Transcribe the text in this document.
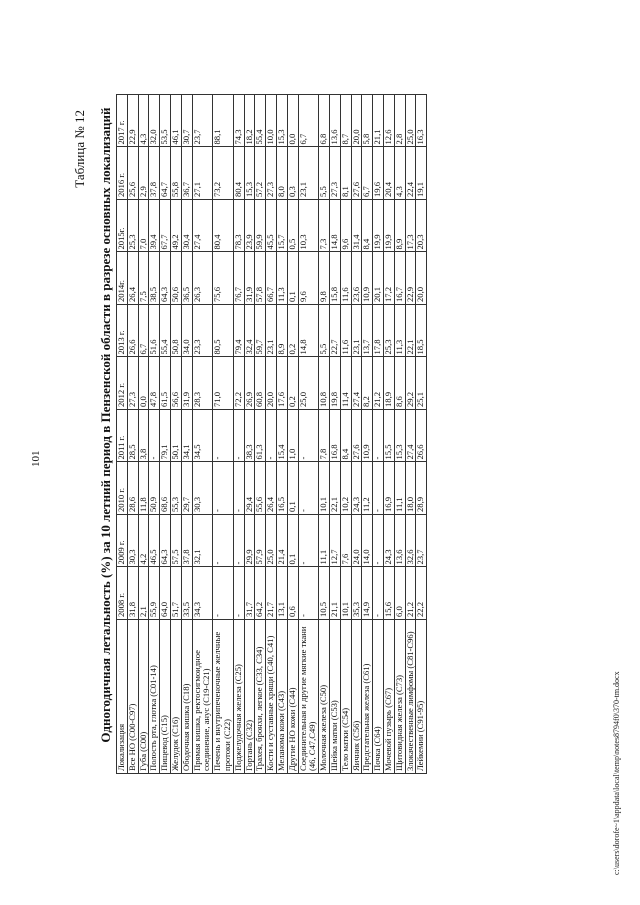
101
Таблица № 12 Одногодичная летальность (%) за 10 летний период в Пензенской области в разрезе основных локализаций
Локализация	2008 г.	2009 г.	2010 г.	2011 г.	2012 г.	2013 г.	2014г.	2015г.	2016 г.	2017 г.
Все НО (C00-C97)	31,8	30,3	28,6	28,5	27,3	26,6	26,4	25,3	25,6	22,9
Губа (C00)	2,1	4,2	11,8	3,8	0,0	6,7	7,5	7,0	2,9	4,3
Полость рта, глотка (C01-14)	55,9	46,5	50,9	-	47,8	51,6	38,5	39,4	37,8	32,0
Пищевод (C15)	64,0	64,3	68,6	79,1	61,5	55,4	64,3	67,7	64,7	53,5
Желудок (C16)	51,7	57,5	55,3	50,1	56,6	50,8	50,6	49,2	55,8	46,1
Ободочная кишка (C18)	33,5	37,8	29,7	34,1	31,9	34,0	36,5	30,4	36,7	30,7
Прямая кишка, ректосигмоидное соединение, анус (C19-C21)	34,3	32,1	30,3	34,5	28,3	23,3	26,3	27,4	27,1	23,7
Печень и внутрипеченочные желчные протоки (C22)	-	-	-	-	71,0	80,5	75,6	80,4	73,2	88,1
Поджелудочная железа (C25)	-	-	-	-	72,2	79,4	76,7	78,3	80,4	74,3
Гортань (C32)	31,7	29,9	29,4	38,3	26,9	32,4	31,9	23,9	15,3	18,2
Трахея, бронхи, легкое (C33, C34)	64,2	57,9	55,6	61,3	60,8	59,7	57,8	59,9	57,2	55,4
Кости и суставные хрящи (C40, C41)	21,7	25,0	26,4	-	20,0	23,1	66,7	45,5	27,3	10,0
Меланома кожи (C43)	13,1	21,4	16,5	15,4	17,6	8,9	11,3	15,7	8,0	15,3
Другие НО кожи (C44)	0,6	0,1	0,1	1,0	0,2	0,2	0,1	0,5	0,3	0,0
Соединительная и другие мягкие ткани (46, C47,C49)	-	-	-	-	25,0	14,8	9,6	10,3	23,1	6,7
Молочная железа (C50)	10,5	11,1	10,1	7,8	10,8	5,5	9,8	7,3	5,5	6,8
Шейка матки (C53)	21,1	12,7	22,1	16,8	19,8	22,7	15,8	14,8	27,3	13,6
Тело матки (C54)	10,1	7,6	10,2	8,4	11,4	11,6	11,6	9,6	8,1	8,7
Яичник (C56)	35,3	24,0	24,3	27,6	27,4	23,1	23,6	31,4	27,6	20,0
Предстательная железа (C61)	14,9	14,0	11,2	10,9	8,2	13,7	10,9	8,4	6,7	5,8
Почка (C64)	-	-	-	-	21,2	17,8	20,1	19,9	19,6	21,1
Мочевой пузырь (C67)	15,6	24,3	16,9	15,5	18,9	25,3	17,2	19,9	20,4	12,6
Щитовидная железа (C73)	6,0	13,6	11,1	15,3	8,6	11,3	16,7	8,9	4,3	2,8
Злокачественные лимфомы (C81-C96)	21,2	32,6	18,0	27,4	29,2	22,1	22,9	17,3	22,4	25,0
Лейкемии (C91-95)	22,2	23,7	28,9	26,6	25,1	18,5	20,0	20,3	19,1	16,3
c:\users\dorofe~1\appdata\local\temp\notes8794f0\370-tm.docx
